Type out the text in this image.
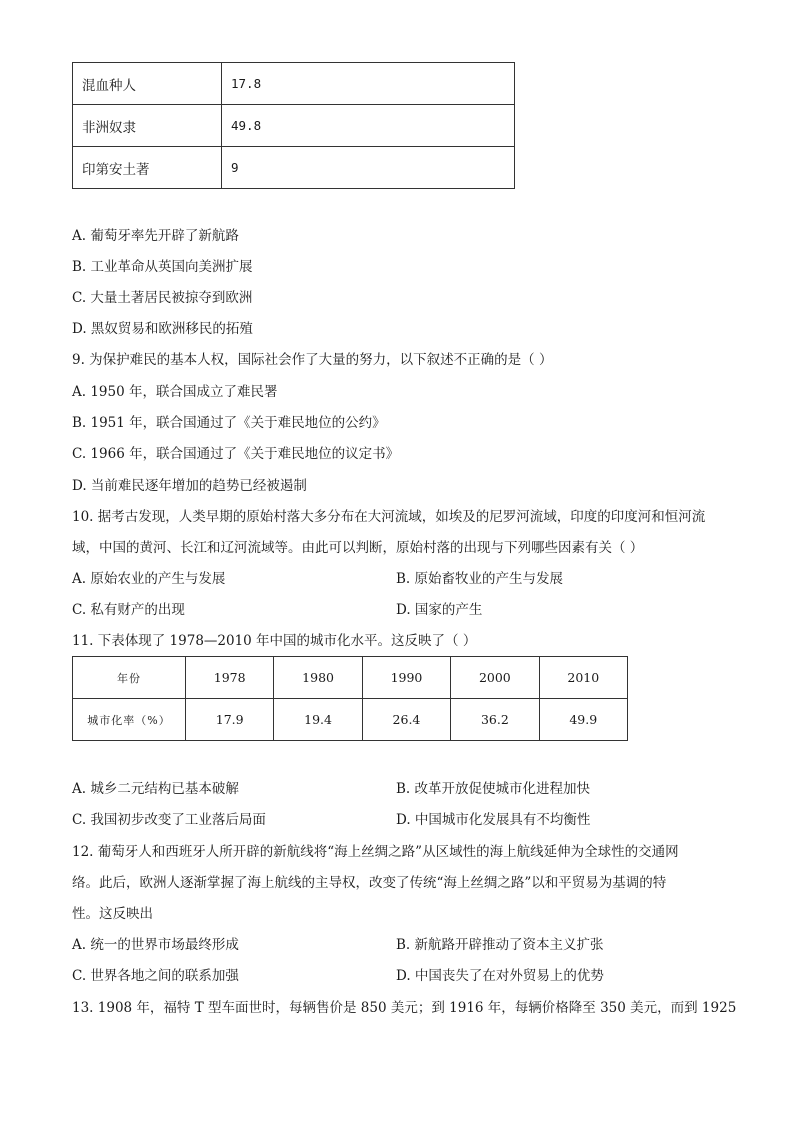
混血种人	17.8
非洲奴隶	49.8
印第安土著	9
A. 葡萄牙率先开辟了新航路
B. 工业革命从英国向美洲扩展
C. 大量土著居民被掠夺到欧洲
D. 黑奴贸易和欧洲移民的拓殖
9. 为保护难民的基本人权，国际社会作了大量的努力，以下叙述不正确的是（ ）
A. 1950 年，联合国成立了难民署
B. 1951 年，联合国通过了《关于难民地位的公约》
C. 1966 年，联合国通过了《关于难民地位的议定书》
D. 当前难民逐年增加的趋势已经被遏制
10. 据考古发现，人类早期的原始村落大多分布在大河流域，如埃及的尼罗河流域，印度的印度河和恒河流
域，中国的黄河、长江和辽河流域等。由此可以判断，原始村落的出现与下列哪些因素有关（ ）
A. 原始农业的产生与发展	B. 原始畜牧业的产生与发展
C. 私有财产的出现	D. 国家的产生
11. 下表体现了 1978—2010 年中国的城市化水平。这反映了（ ）
年份	1978	1980	1990	2000	2010
城市化率（%）	17.9	19.4	26.4	36.2	49.9
A. 城乡二元结构已基本破解	B. 改革开放促使城市化进程加快
C. 我国初步改变了工业落后局面	D. 中国城市化发展具有不均衡性
12. 葡萄牙人和西班牙人所开辟的新航线将“海上丝绸之路”从区域性的海上航线延伸为全球性的交通网
络。此后，欧洲人逐渐掌握了海上航线的主导权，改变了传统“海上丝绸之路”以和平贸易为基调的特
性。这反映出
A. 统一的世界市场最终形成	B. 新航路开辟推动了资本主义扩张
C. 世界各地之间的联系加强	D. 中国丧失了在对外贸易上的优势
13. 1908 年，福特 T 型车面世时，每辆售价是 850 美元；到 1916 年，每辆价格降至 350 美元，而到 1925
